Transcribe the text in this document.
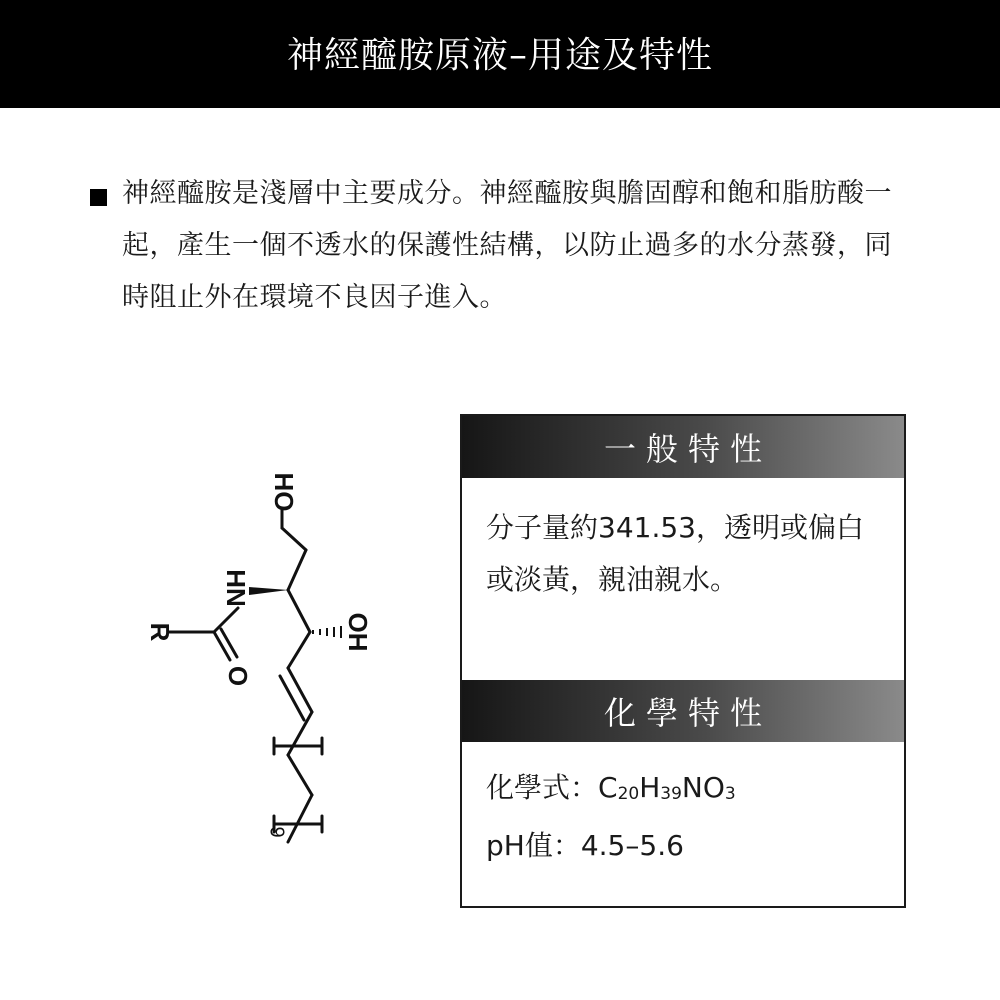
神經醯胺原液–用途及特性
神經醯胺是淺層中主要成分。神經醯胺與膽固醇和飽和脂肪酸一起，產生一個不透水的保護性結構，以防止過多的水分蒸發，同時阻止外在環境不良因子進入。
HO
HN
R
O
OH
9
一般特性
分子量約341.53，透明或偏白或淡黃，親油親水。
化學特性
化學式：$C_{20}H_{39}NO_3$
pH值：4.5–5.6
